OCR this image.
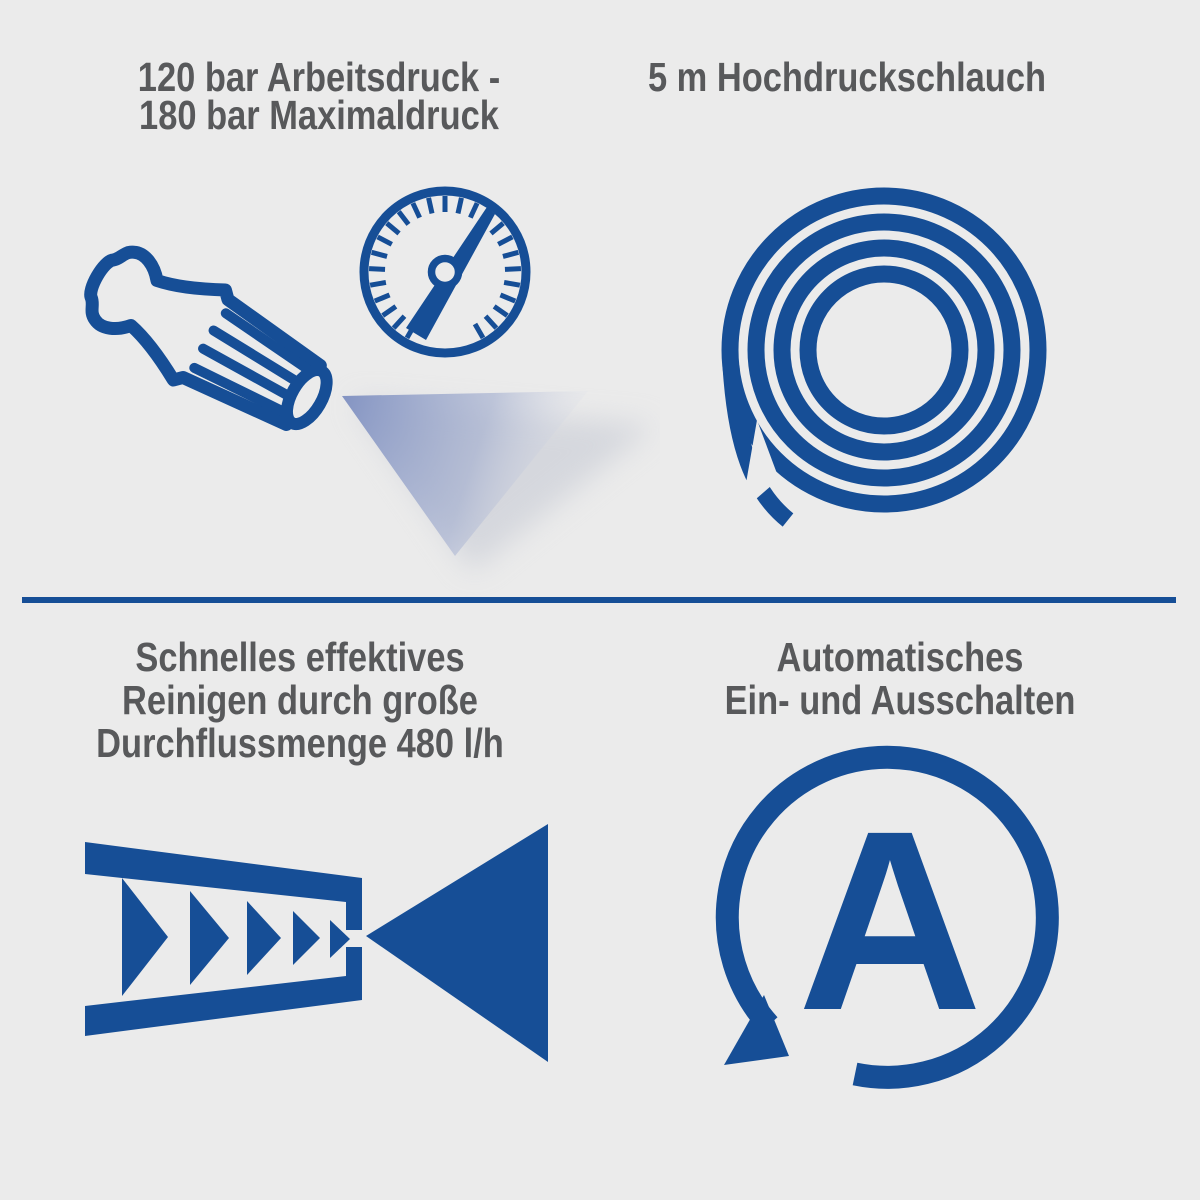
120 bar Arbeitsdruck -
180 bar Maximaldruck
5 m Hochdruckschlauch
Schnelles effektives
Reinigen durch große
Durchflussmenge 480 l/h
Automatisches
Ein- und Ausschalten
A
